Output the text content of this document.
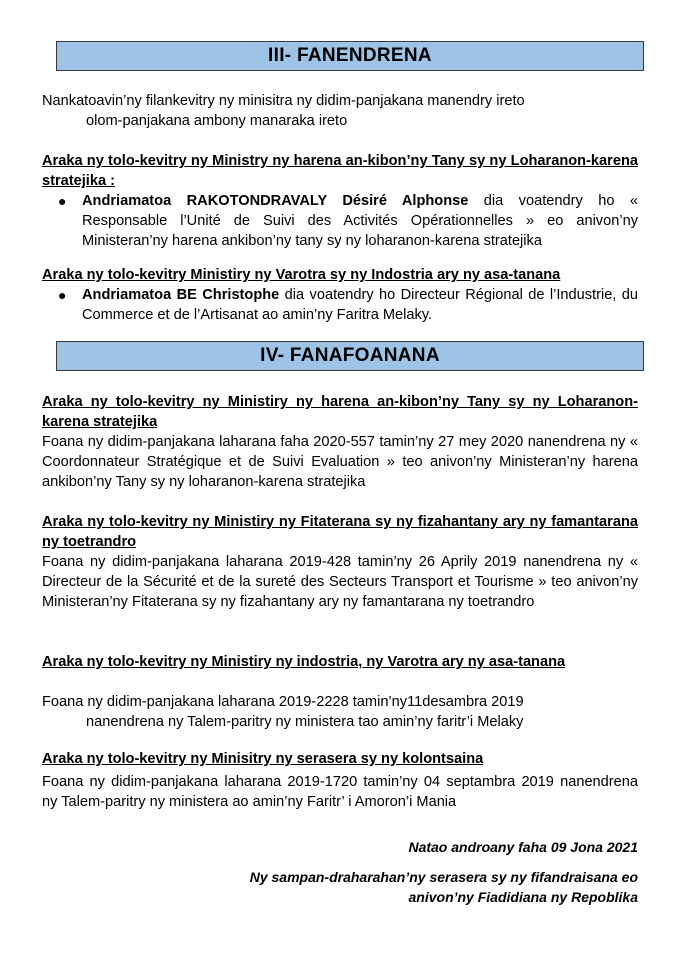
III- FANENDRENA
Nankatoavin’ny filankevitry ny minisitra ny didim-panjakana manendry ireto
olom-panjakana ambony manaraka ireto
Araka ny tolo-kevitry ny Ministry ny harena an-kibon’ny Tany sy ny Loharanon-karena stratejika :
●	Andriamatoa RAKOTONDRAVALY Désiré Alphonse dia voatendry ho « Responsable l’Unité de Suivi des Activités Opérationnelles » eo anivon’ny Ministeran’ny harena ankibon’ny tany sy ny loharanon-karena stratejika
Araka ny tolo-kevitry Ministiry ny Varotra sy ny Indostria ary ny asa-tanana
●	Andriamatoa BE Christophe dia voatendry ho Directeur Régional de l’Industrie, du Commerce et de l’Artisanat ao amin’ny Faritra Melaky.
IV- FANAFOANANA
Araka ny tolo-kevitry ny Ministiry ny harena an-kibon’ny Tany sy ny Loharanon-karena stratejika
Foana ny didim-panjakana laharana faha 2020-557 tamin’ny 27 mey 2020 nanendrena ny « Coordonnateur Stratégique et de Suivi Evaluation » teo anivon’ny Ministeran’ny harena ankibon’ny Tany sy ny loharanon-karena stratejika
Araka ny tolo-kevitry ny Ministiry ny Fitaterana sy ny fizahantany ary ny famantarana ny toetrandro
Foana ny didim-panjakana laharana 2019-428 tamin’ny 26 Aprily 2019 nanendrena ny « Directeur de la Sécurité et de la sureté des Secteurs Transport et Tourisme » teo anivon’ny Ministeran’ny Fitaterana sy ny fizahantany ary ny famantarana ny toetrandro
Araka ny tolo-kevitry ny Ministiry ny indostria, ny Varotra ary ny asa-tanana
Foana ny didim-panjakana laharana 2019-2228 tamin’ny11desambra 2019
nanendrena ny Talem-paritry ny ministera tao amin’ny faritr’i Melaky
Araka ny tolo-kevitry ny Minisitry ny serasera sy ny kolontsaina
Foana ny didim-panjakana laharana 2019-1720 tamin’ny 04 septambra 2019 nanendrena ny Talem-paritry ny ministera ao amin’ny Faritr’ i Amoron’i Mania
Natao androany faha 09 Jona 2021
Ny sampan-draharahan’ny serasera sy ny fifandraisana eo
anivon’ny Fiadidiana ny Repoblika
